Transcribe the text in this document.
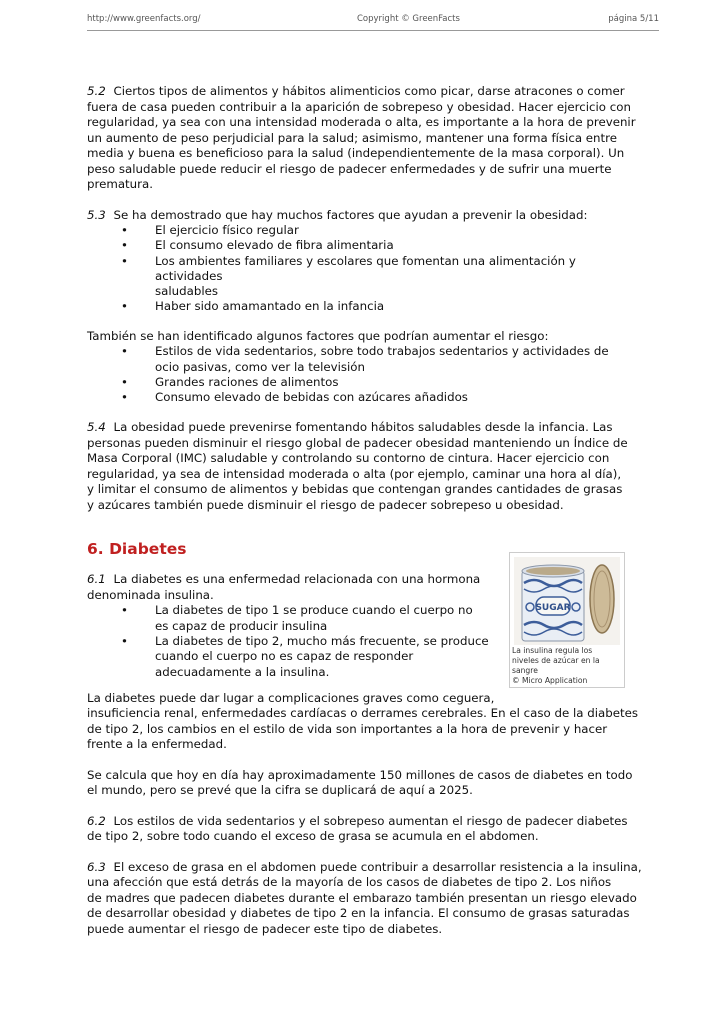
http://www.greenfacts.org/	Copyright © GreenFacts	página 5/11

5.2 Ciertos tipos de alimentos y hábitos alimenticios como picar, darse atracones o comer
fuera de casa pueden contribuir a la aparición de sobrepeso y obesidad. Hacer ejercicio con
regularidad, ya sea con una intensidad moderada o alta, es importante a la hora de prevenir
un aumento de peso perjudicial para la salud; asimismo, mantener una forma física entre
media y buena es beneficioso para la salud (independientemente de la masa corporal). Un
peso saludable puede reducir el riesgo de padecer enfermedades y de sufrir una muerte
prematura.

5.3 Se ha demostrado que hay muchos factores que ayudan a prevenir la obesidad:

• El ejercicio físico regular
• El consumo elevado de fibra alimentaria
• Los ambientes familiares y escolares que fomentan una alimentación y actividades
saludables
• Haber sido amamantado en la infancia

También se han identificado algunos factores que podrían aumentar el riesgo:

• Estilos de vida sedentarios, sobre todo trabajos sedentarios y actividades de
ocio pasivas, como ver la televisión
• Grandes raciones de alimentos
• Consumo elevado de bebidas con azúcares añadidos

5.4 La obesidad puede prevenirse fomentando hábitos saludables desde la infancia. Las
personas pueden disminuir el riesgo global de padecer obesidad manteniendo un Índice de
Masa Corporal (IMC) saludable y controlando su contorno de cintura. Hacer ejercicio con
regularidad, ya sea de intensidad moderada o alta (por ejemplo, caminar una hora al día),
y limitar el consumo de alimentos y bebidas que contengan grandes cantidades de grasas
y azúcares también puede disminuir el riesgo de padecer sobrepeso u obesidad.

6. Diabetes

6.1 La diabetes es una enfermedad relacionada con una hormona
denominada insulina.

• La diabetes de tipo 1 se produce cuando el cuerpo no
es capaz de producir insulina
• La diabetes de tipo 2, mucho más frecuente, se produce
cuando el cuerpo no es capaz de responder
adecuadamente a la insulina.

La diabetes puede dar lugar a complicaciones graves como ceguera,
insuficiencia renal, enfermedades cardíacas o derrames cerebrales. En el caso de la diabetes
de tipo 2, los cambios en el estilo de vida son importantes a la hora de prevenir y hacer
frente a la enfermedad.

Se calcula que hoy en día hay aproximadamente 150 millones de casos de diabetes en todo
el mundo, pero se prevé que la cifra se duplicará de aquí a 2025.

6.2 Los estilos de vida sedentarios y el sobrepeso aumentan el riesgo de padecer diabetes
de tipo 2, sobre todo cuando el exceso de grasa se acumula en el abdomen.

6.3 El exceso de grasa en el abdomen puede contribuir a desarrollar resistencia a la insulina,
una afección que está detrás de la mayoría de los casos de diabetes de tipo 2. Los niños
de madres que padecen diabetes durante el embarazo también presentan un riesgo elevado
de desarrollar obesidad y diabetes de tipo 2 en la infancia. El consumo de grasas saturadas
puede aumentar el riesgo de padecer este tipo de diabetes.

SUGAR
La insulina regula los
niveles de azúcar en la
sangre
© Micro Application
